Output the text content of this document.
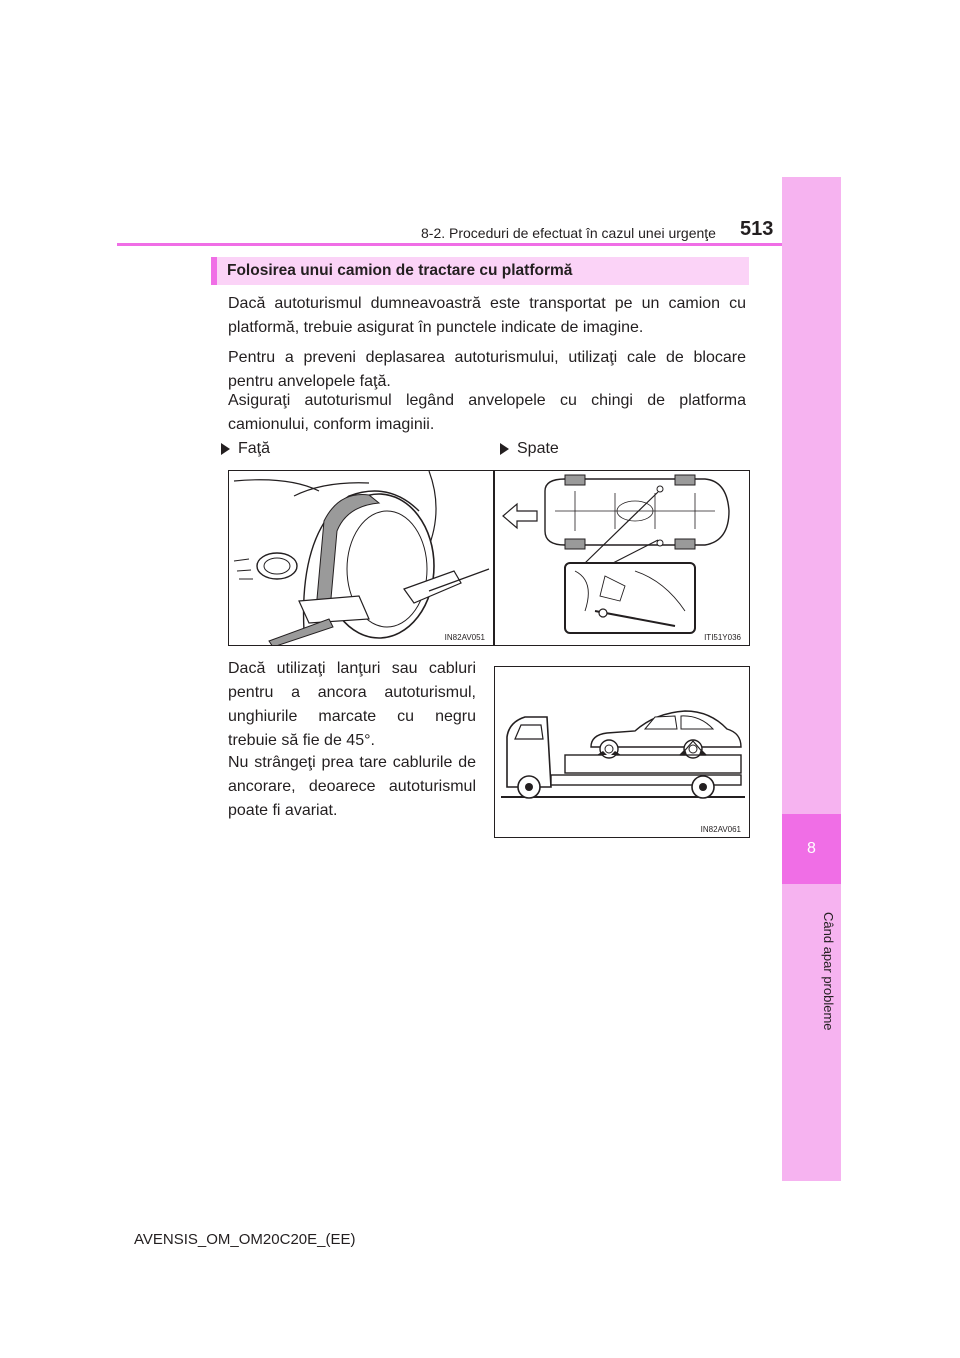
8
Când apar probleme
8-2. Proceduri de efectuat în cazul unei urgenţe 513
Folosirea unui camion de tractare cu platformă

Dacă autoturismul dumneavoastră este transportat pe un camion cu platformă, trebuie asigurat în punctele indicate de imagine.

Pentru a preveni deplasarea autoturismului, utilizaţi cale de blocare pentru anvelopele faţă.

Asiguraţi autoturismul legând anvelopele cu chingi de platforma camionului, conform imaginii.

Faţă	Spate
IN82AV051	ITI51Y036

Dacă utilizaţi lanţuri sau cabluri pentru a ancora autoturismul, unghiurile marcate cu negru trebuie să fie de 45°.

Nu strângeţi prea tare cablurile de ancorare, deoarece autoturismul poate fi avariat.

IN82AV061
AVENSIS_OM_OM20C20E_(EE)
